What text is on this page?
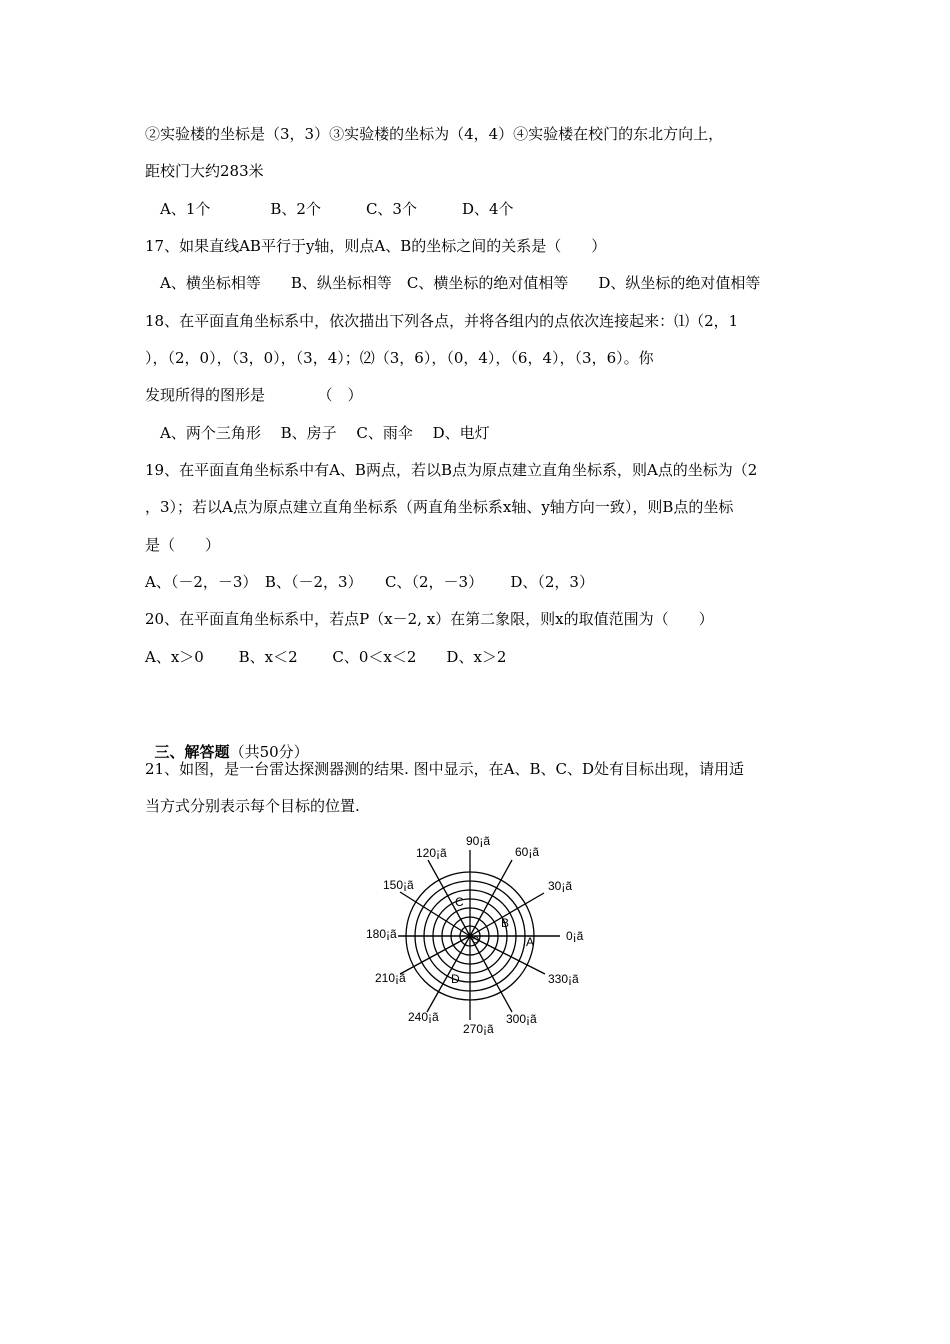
②实验楼的坐标是（3，3）③实验楼的坐标为（4，4）④实验楼在校门的东北方向上，
距校门大约283米
A、1个　　　　B、2个　　　C、3个　　　D、4个
17、如果直线AB平行于y轴，则点A、B的坐标之间的关系是（　　）
A、横坐标相等　　B、纵坐标相等　C、横坐标的绝对值相等　　D、纵坐标的绝对值相等
18、在平面直角坐标系中，依次描出下列各点，并将各组内的点依次连接起来：⑴（2，1
），（2，0），（3，0），（3，4）；⑵（3，6），（0，4），（6，4），（3，6）。你
发现所得的图形是　　　　（　）
A、两个三角形　 B、房子　 C、雨伞　 D、电灯
19、在平面直角坐标系中有A、B两点，若以B点为原点建立直角坐标系，则A点的坐标为（2
，3）；若以A点为原点建立直角坐标系（两直角坐标系x轴、y轴方向一致），则B点的坐标
是（　　）
A、（－2，－3）　B、（－2，3）　　C、（2，－3）　　 D、（2，3）
20、在平面直角坐标系中，若点P（x－2, x）在第二象限，则x的取值范围为（　　）
A、x＞0　　 B、x＜2　　 C、0＜x＜2　　D、x＞2

三、解答题（共50分）

21、如图，是一台雷达探测器测的结果. 图中显示，在A、B、C、D处有目标出现，请用适
当方式分别表示每个目标的位置.
0¡ã
30¡ã
60¡ã
90¡ã
120¡ã
150¡ã
180¡ã
210¡ã
240¡ã
270¡ã
300¡ã
330¡ã
A
B
C
D
O
